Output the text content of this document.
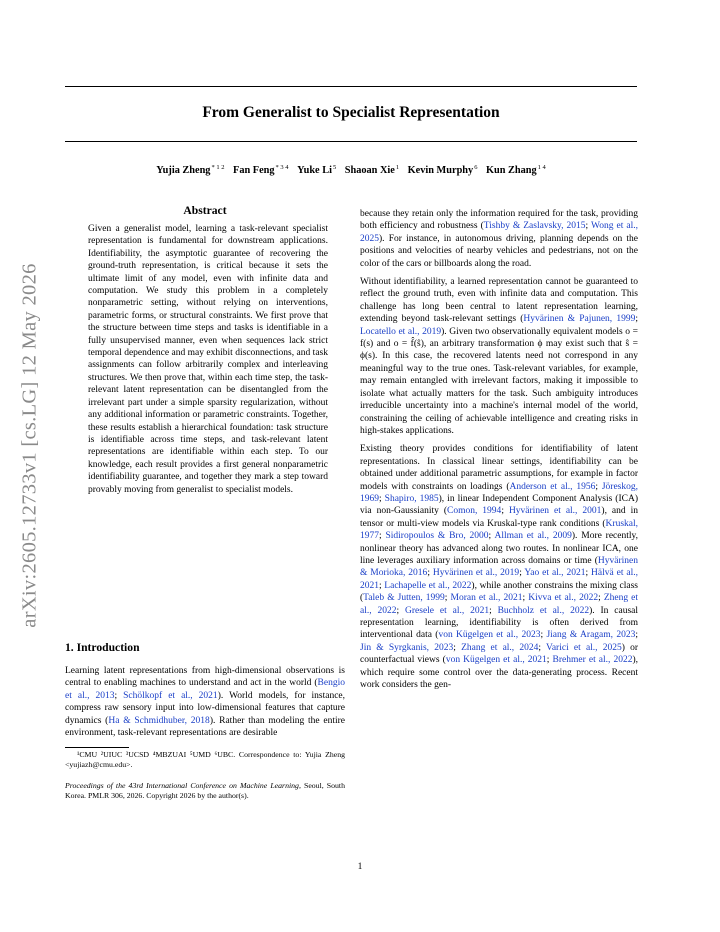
arXiv:2605.12733v1 [cs.LG] 12 May 2026
From Generalist to Specialist Representation
Yujia Zheng$^{* 1 2}$ Fan Feng$^{* 3 4}$ Yuke Li$^5$ Shaoan Xie$^1$ Kevin Murphy$^6$ Kun Zhang$^{1 4}$
Abstract
Given a generalist model, learning a task-relevant specialist representation is fundamental for downstream applications. Identifiability, the asymptotic guarantee of recovering the ground-truth representation, is critical because it sets the ultimate limit of any model, even with infinite data and computation. We study this problem in a completely nonparametric setting, without relying on interventions, parametric forms, or structural constraints. We first prove that the structure between time steps and tasks is identifiable in a fully unsupervised manner, even when sequences lack strict temporal dependence and may exhibit disconnections, and task assignments can follow arbitrarily complex and interleaving structures. We then prove that, within each time step, the task-relevant latent representation can be disentangled from the irrelevant part under a simple sparsity regularization, without any additional information or parametric constraints. Together, these results establish a hierarchical foundation: task structure is identifiable across time steps, and task-relevant latent representations are identifiable within each step. To our knowledge, each result provides a first general nonparametric identifiability guarantee, and together they mark a step toward provably moving from generalist to specialist models.
1. Introduction
Learning latent representations from high-dimensional observations is central to enabling machines to understand and act in the world (Bengio et al., 2013; Schölkopf et al., 2021). World models, for instance, compress raw sensory input into low-dimensional features that capture dynamics (Ha & Schmidhuber, 2018). Rather than modeling the entire environment, task-relevant representations are desirable

¹CMU ²UIUC ³UCSD ⁴MBZUAI ⁵UMD ⁶UBC. Correspondence to: Yujia Zheng <yujiazh@cmu.edu>.

Proceedings of the 43rd International Conference on Machine Learning, Seoul, South Korea. PMLR 306, 2026. Copyright 2026 by the author(s).

because they retain only the information required for the task, providing both efficiency and robustness (Tishby & Zaslavsky, 2015; Wong et al., 2025). For instance, in autonomous driving, planning depends on the positions and velocities of nearby vehicles and pedestrians, not on the color of the cars or billboards along the road.

Without identifiability, a learned representation cannot be guaranteed to reflect the ground truth, even with infinite data and computation. This challenge has long been central to latent representation learning, extending beyond task-relevant settings (Hyvärinen & Pajunen, 1999; Locatello et al., 2019). Given two observationally equivalent models o = f(s) and o = f̂(ŝ), an arbitrary transformation ϕ may exist such that ŝ = ϕ(s). In this case, the recovered latents need not correspond in any meaningful way to the true ones. Task-relevant variables, for example, may remain entangled with irrelevant factors, making it impossible to isolate what actually matters for the task. Such ambiguity introduces irreducible uncertainty into a machine's internal model of the world, constraining the ceiling of achievable intelligence and creating risks in high-stakes applications.

Existing theory provides conditions for identifiability of latent representations. In classical linear settings, identifiability can be obtained under additional parametric assumptions, for example in factor models with constraints on loadings (Anderson et al., 1956; Jöreskog, 1969; Shapiro, 1985), in linear Independent Component Analysis (ICA) via non-Gaussianity (Comon, 1994; Hyvärinen et al., 2001), and in tensor or multi-view models via Kruskal-type rank conditions (Kruskal, 1977; Sidiropoulos & Bro, 2000; Allman et al., 2009). More recently, nonlinear theory has advanced along two routes. In nonlinear ICA, one line leverages auxiliary information across domains or time (Hyvärinen & Morioka, 2016; Hyvärinen et al., 2019; Yao et al., 2021; Hälvä et al., 2021; Lachapelle et al., 2022), while another constrains the mixing class (Taleb & Jutten, 1999; Moran et al., 2021; Kivva et al., 2022; Zheng et al., 2022; Gresele et al., 2021; Buchholz et al., 2022). In causal representation learning, identifiability is often derived from interventional data (von Kügelgen et al., 2023; Jiang & Aragam, 2023; Jin & Syrgkanis, 2023; Zhang et al., 2024; Varici et al., 2025) or counterfactual views (von Kügelgen et al., 2021; Brehmer et al., 2022), which require some control over the data-generating process. Recent work considers the gen-

1
